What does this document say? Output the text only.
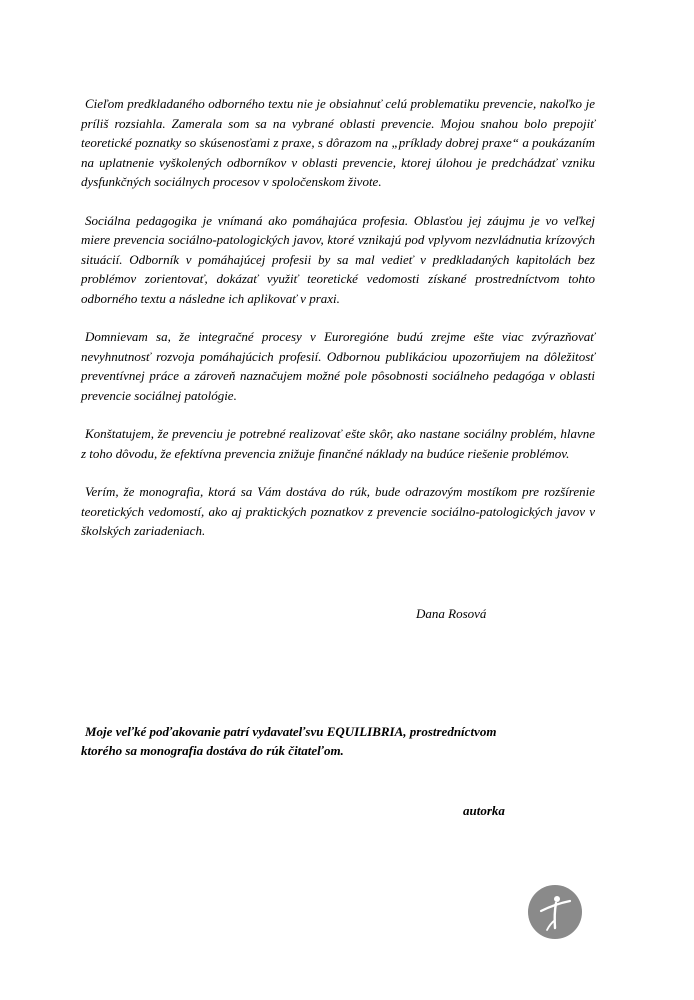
Cieľom predkladaného odborného textu nie je obsiahnuť celú problematiku prevencie, nakoľko je príliš rozsiahla. Zamerala som sa na vybrané oblasti prevencie. Mojou snahou bolo prepojiť teoretické poznatky so skúsenosťami z praxe, s dôrazom na „príklady dobrej praxe“ a poukázaním na uplatnenie vyškolených odborníkov v oblasti prevencie, ktorej úlohou je predchádzať vzniku dysfunkčných sociálnych procesov v spoločenskom živote.

Sociálna pedagogika je vnímaná ako pomáhajúca profesia. Oblasťou jej záujmu je vo veľkej miere prevencia sociálno-patologických javov, ktoré vznikajú pod vplyvom nezvládnutia krízových situácií. Odborník v pomáhajúcej profesii by sa mal vedieť v predkladaných kapitolách bez problémov zorientovať, dokázať využiť teoretické vedomosti získané prostredníctvom tohto odborného textu a následne ich aplikovať v praxi.

Domnievam sa, že integračné procesy v Euroregióne budú zrejme ešte viac zvýrazňovať nevyhnutnosť rozvoja pomáhajúcich profesií. Odbornou publikáciou upozorňujem na dôležitosť preventívnej práce a zároveň naznačujem možné pole pôsobnosti sociálneho pedagóga v oblasti prevencie sociálnej patológie.

Konštatujem, že prevenciu je potrebné realizovať ešte skôr, ako nastane sociálny problém, hlavne z toho dôvodu, že efektívna prevencia znižuje finančné náklady na budúce riešenie problémov.

Verím, že monografia, ktorá sa Vám dostáva do rúk, bude odrazovým mostíkom pre rozšírenie teoretických vedomostí, ako aj praktických poznatkov z prevencie sociálno-patologických javov v školských zariadeniach.

Dana Rosová

Moje veľké poďakovanie patrí vydavateľsvu EQUILIBRIA, prostredníctvom

ktorého sa monografia dostáva do rúk čitateľom.

autorka
